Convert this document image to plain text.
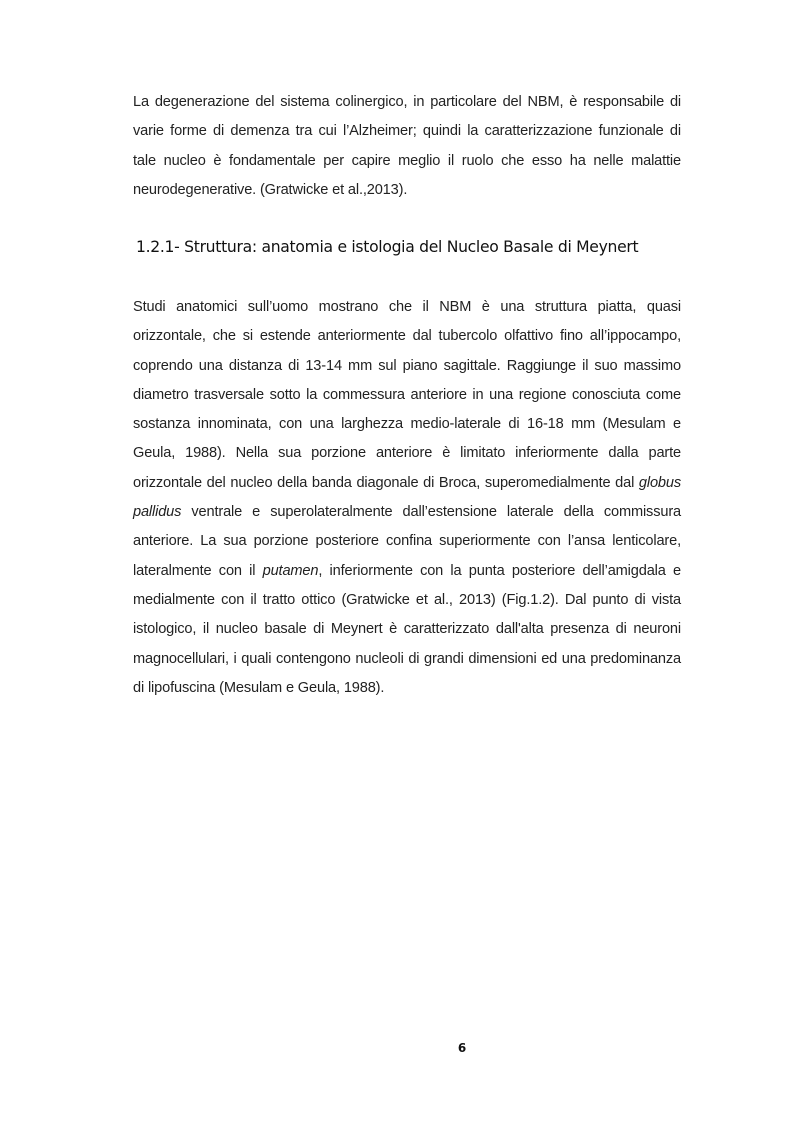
La degenerazione del sistema colinergico, in particolare del NBM, è responsabile di varie forme di demenza tra cui l’Alzheimer; quindi la caratterizzazione funzionale di tale nucleo è fondamentale per capire meglio il ruolo che esso ha nelle malattie neurodegenerative. (Gratwicke et al.,2013).

1.2.1- Struttura: anatomia e istologia del Nucleo Basale di Meynert

Studi anatomici sull’uomo mostrano che il NBM è una struttura piatta, quasi orizzontale, che si estende anteriormente dal tubercolo olfattivo fino all’ippocampo, coprendo una distanza di 13-14 mm sul piano sagittale. Raggiunge il suo massimo diametro trasversale sotto la commessura anteriore in una regione conosciuta come sostanza innominata, con una larghezza medio-laterale di 16-18 mm (Mesulam e Geula, 1988). Nella sua porzione anteriore è limitato inferiormente dalla parte orizzontale del nucleo della banda diagonale di Broca, superomedialmente dal globus pallidus ventrale e superolateralmente dall’estensione laterale della commissura anteriore. La sua porzione posteriore confina superiormente con l’ansa lenticolare, lateralmente con il putamen, inferiormente con la punta posteriore dell’amigdala e medialmente con il tratto ottico (Gratwicke et al., 2013) (Fig.1.2). Dal punto di vista istologico, il nucleo basale di Meynert è caratterizzato dall'alta presenza di neuroni magnocellulari, i quali contengono nucleoli di grandi dimensioni ed una predominanza di lipofuscina (Mesulam e Geula, 1988).

6
